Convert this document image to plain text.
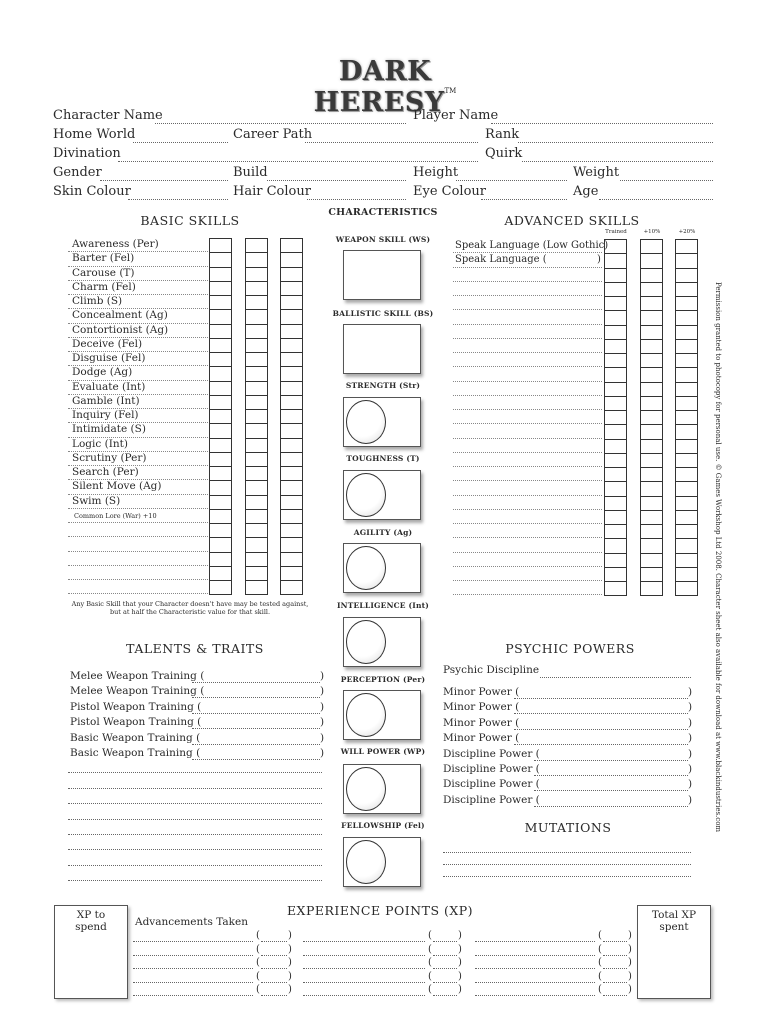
DARK HERESY™
Character Name	Player Name
Home World	Career Path	Rank
Divination	Quirk
Gender	Build	Height	Weight
Skin Colour	Hair Colour	Eye Colour	Age
BASIC SKILLS
Awareness (Per)
Barter (Fel)
Carouse (T)
Charm (Fel)
Climb (S)
Concealment (Ag)
Contortionist (Ag)
Deceive (Fel)
Disguise (Fel)
Dodge (Ag)
Evaluate (Int)
Gamble (Int)
Inquiry (Fel)
Intimidate (S)
Logic (Int)
Scrutiny (Per)
Search (Per)
Silent Move (Ag)
Swim (S)
Common Lore (War) +10
Any Basic Skill that your Character doesn't have may be tested against, but at half the Characteristic value for that skill.
CHARACTERISTICS
WEAPON SKILL (WS)
BALLISTIC SKILL (BS)
STRENGTH (Str)
TOUGHNESS (T)
AGILITY (Ag)
INTELLIGENCE (Int)
PERCEPTION (Per)
WILL POWER (WP)
FELLOWSHIP (Fel)
ADVANCED SKILLS
Trained	+10%	+20%
Speak Language (Low Gothic)
Speak Language (	)
Permission granted to photocopy for personal use. © Games Workshop Ltd 2008. Character sheet also available for download at www.blackindustries.com
TALENTS & TRAITS
Melee Weapon Training (	)
Melee Weapon Training (	)
Pistol Weapon Training (	)
Pistol Weapon Training (	)
Basic Weapon Training (	)
Basic Weapon Training (	)
PSYCHIC POWERS
Psychic Discipline
Minor Power (	)
Minor Power (	)
Minor Power (	)
Minor Power (	)
Discipline Power (	)
Discipline Power (	)
Discipline Power (	)
Discipline Power (	)
MUTATIONS
EXPERIENCE POINTS (XP)
XP to spend	Advancements Taken
Total XP spent
(	)	(	)	(	)
(	)	(	)	(	)
(	)	(	)	(	)
(	)	(	)	(	)
(	)	(	)	(	)
